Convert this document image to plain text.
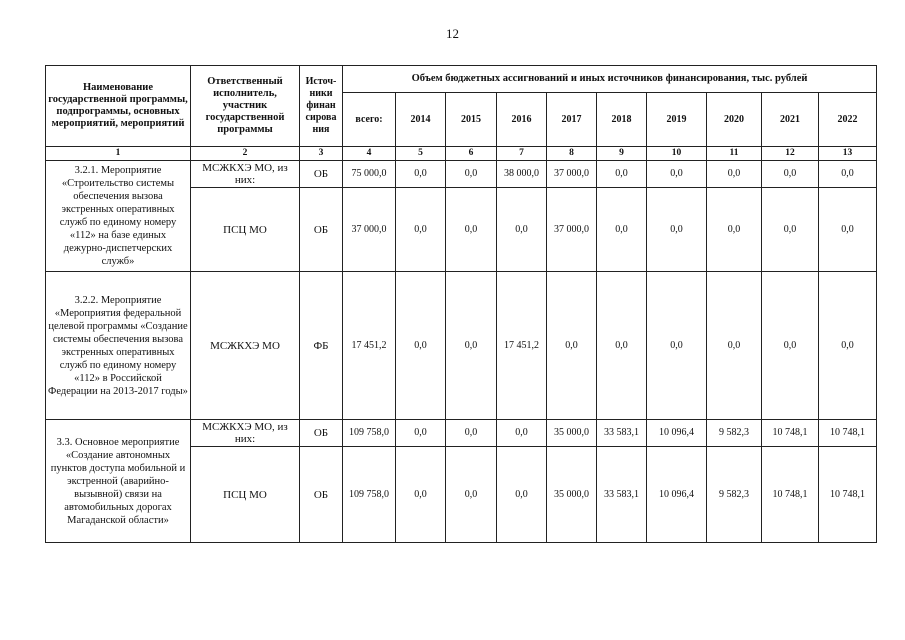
12
Наименование государственной программы, подпрограммы, основных мероприятий, мероприятий	Ответственный исполнитель, участник государственной программы	Источ-
ники
финан
сирова
ния	Объем бюджетных ассигнований и иных источников финансирования, тыс. рублей									
			всего:	2014	2015	2016	2017	2018	2019	2020	2021	2022
1	2	3	4	5	6	7	8	9	10	11	12	13
3.2.1. Мероприятие «Строительство системы обеспечения вызова экстренных оперативных служб по единому номеру «112» на базе единых дежурно-диспетчерских служб»	МСЖКХЭ МО, из них:	ОБ	75 000,0	0,0	0,0	38 000,0	37 000,0	0,0	0,0	0,0	0,0	0,0
	ПСЦ МО	ОБ	37 000,0	0,0	0,0	0,0	37 000,0	0,0	0,0	0,0	0,0	0,0
3.2.2. Мероприятие «Мероприятия федеральной целевой программы «Создание системы обеспечения вызова экстренных оперативных служб по единому номеру «112» в Российской Федерации на 2013-2017 годы»	МСЖКХЭ МО	ФБ	17 451,2	0,0	0,0	17 451,2	0,0	0,0	0,0	0,0	0,0	0,0
3.3. Основное мероприятие «Создание автономных пунктов доступа мобильной и экстренной (аварийно-вызывной) связи на автомобильных дорогах Магаданской области»	МСЖКХЭ МО, из них:	ОБ	109 758,0	0,0	0,0	0,0	35 000,0	33 583,1	10 096,4	9 582,3	10 748,1	10 748,1
	ПСЦ МО	ОБ	109 758,0	0,0	0,0	0,0	35 000,0	33 583,1	10 096,4	9 582,3	10 748,1	10 748,1
